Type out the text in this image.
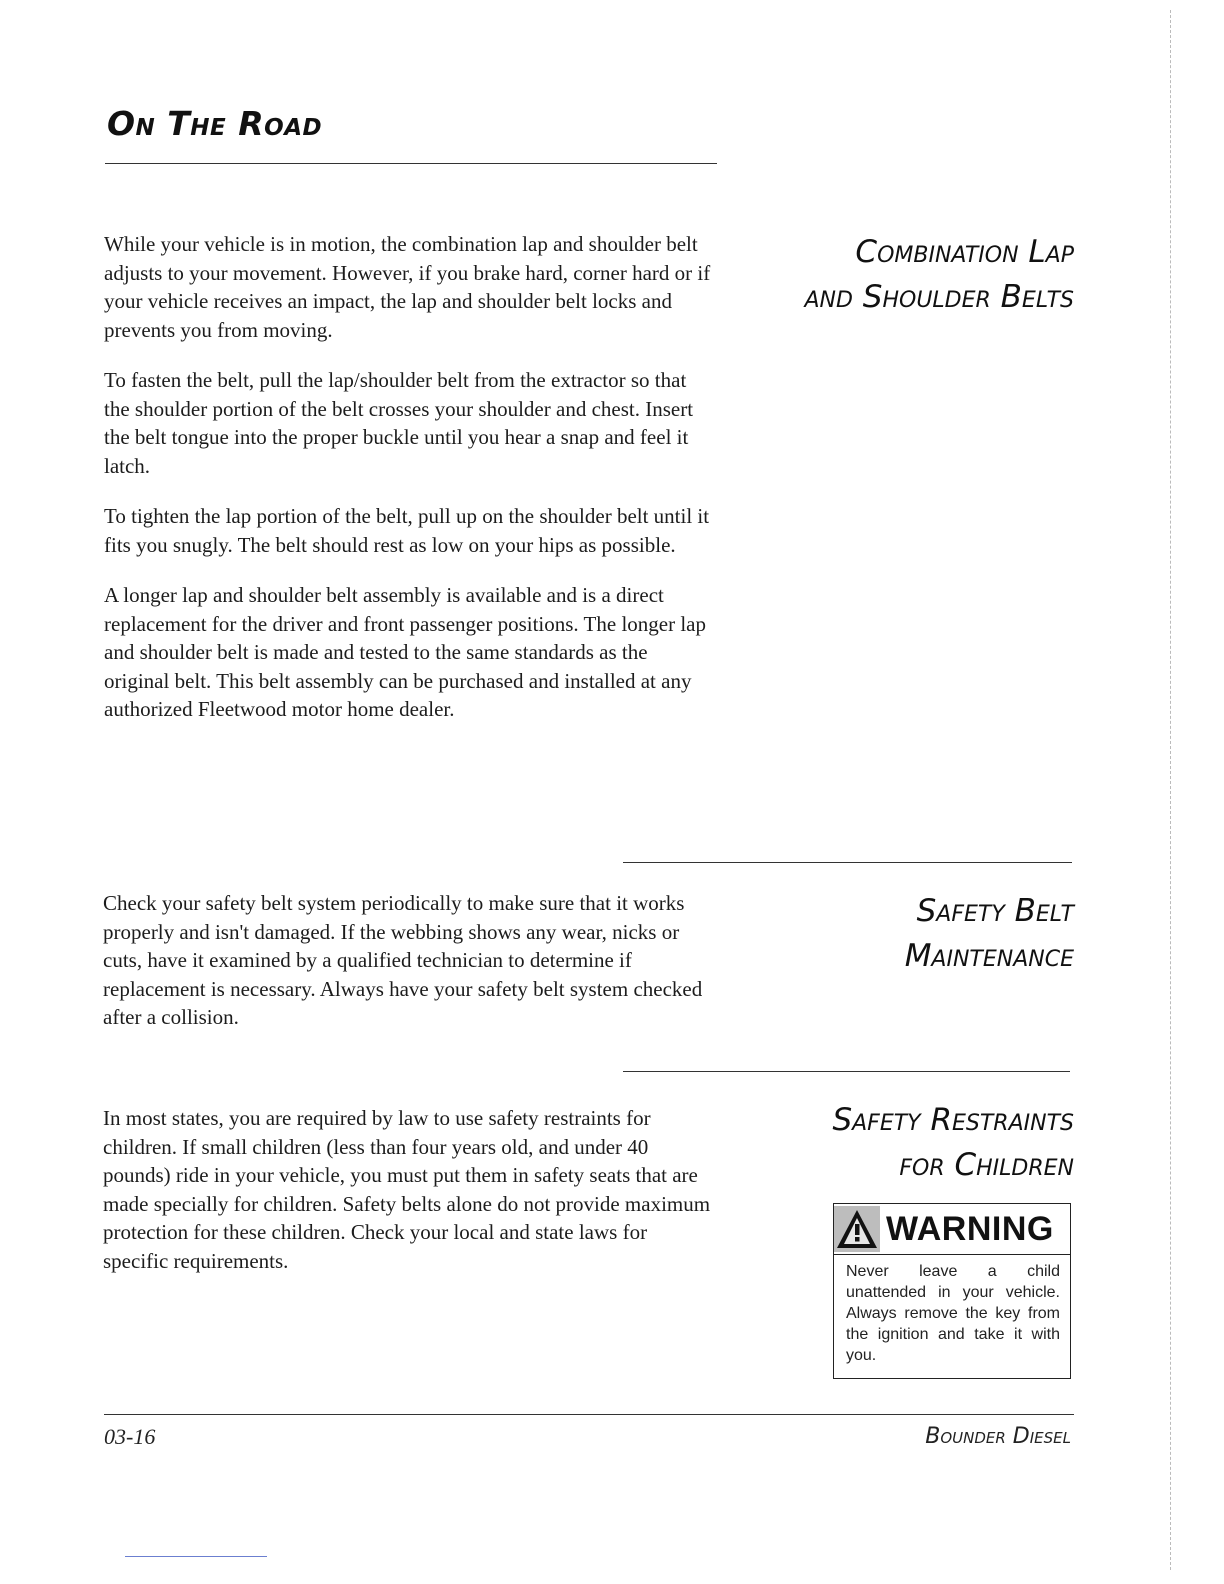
On The Road

While your vehicle is in motion, the combination lap and shoulder belt adjusts to your movement. However, if you brake hard, corner hard or if your vehicle receives an impact, the lap and shoulder belt locks and prevents you from moving.

To fasten the belt, pull the lap/shoulder belt from the extractor so that the shoulder portion of the belt crosses your shoulder and chest. Insert the belt tongue into the proper buckle until you hear a snap and feel it latch.

To tighten the lap portion of the belt, pull up on the shoulder belt until it fits you snugly. The belt should rest as low on your hips as possible.

A longer lap and shoulder belt assembly is available and is a direct replacement for the driver and front passenger positions. The longer lap and shoulder belt is made and tested to the same standards as the original belt. This belt assembly can be purchased and installed at any authorized Fleetwood motor home dealer.

Combination Lap

and Shoulder Belts

Check your safety belt system periodically to make sure that it works properly and isn't damaged. If the webbing shows any wear, nicks or cuts, have it examined by a qualified technician to determine if replacement is necessary. Always have your safety belt system checked after a collision.

Safety Belt

Maintenance

In most states, you are required by law to use safety restraints for children. If small children (less than four years old, and under 40 pounds) ride in your vehicle, you must put them in safety seats that are made specially for children. Safety belts alone do not provide maximum protection for these children. Check your local and state laws for specific requirements.

Safety Restraints

for Children

WARNING

Never leave a child unattended in your vehicle. Always remove the key from the ignition and take it with you.

03-16	Bounder Diesel
